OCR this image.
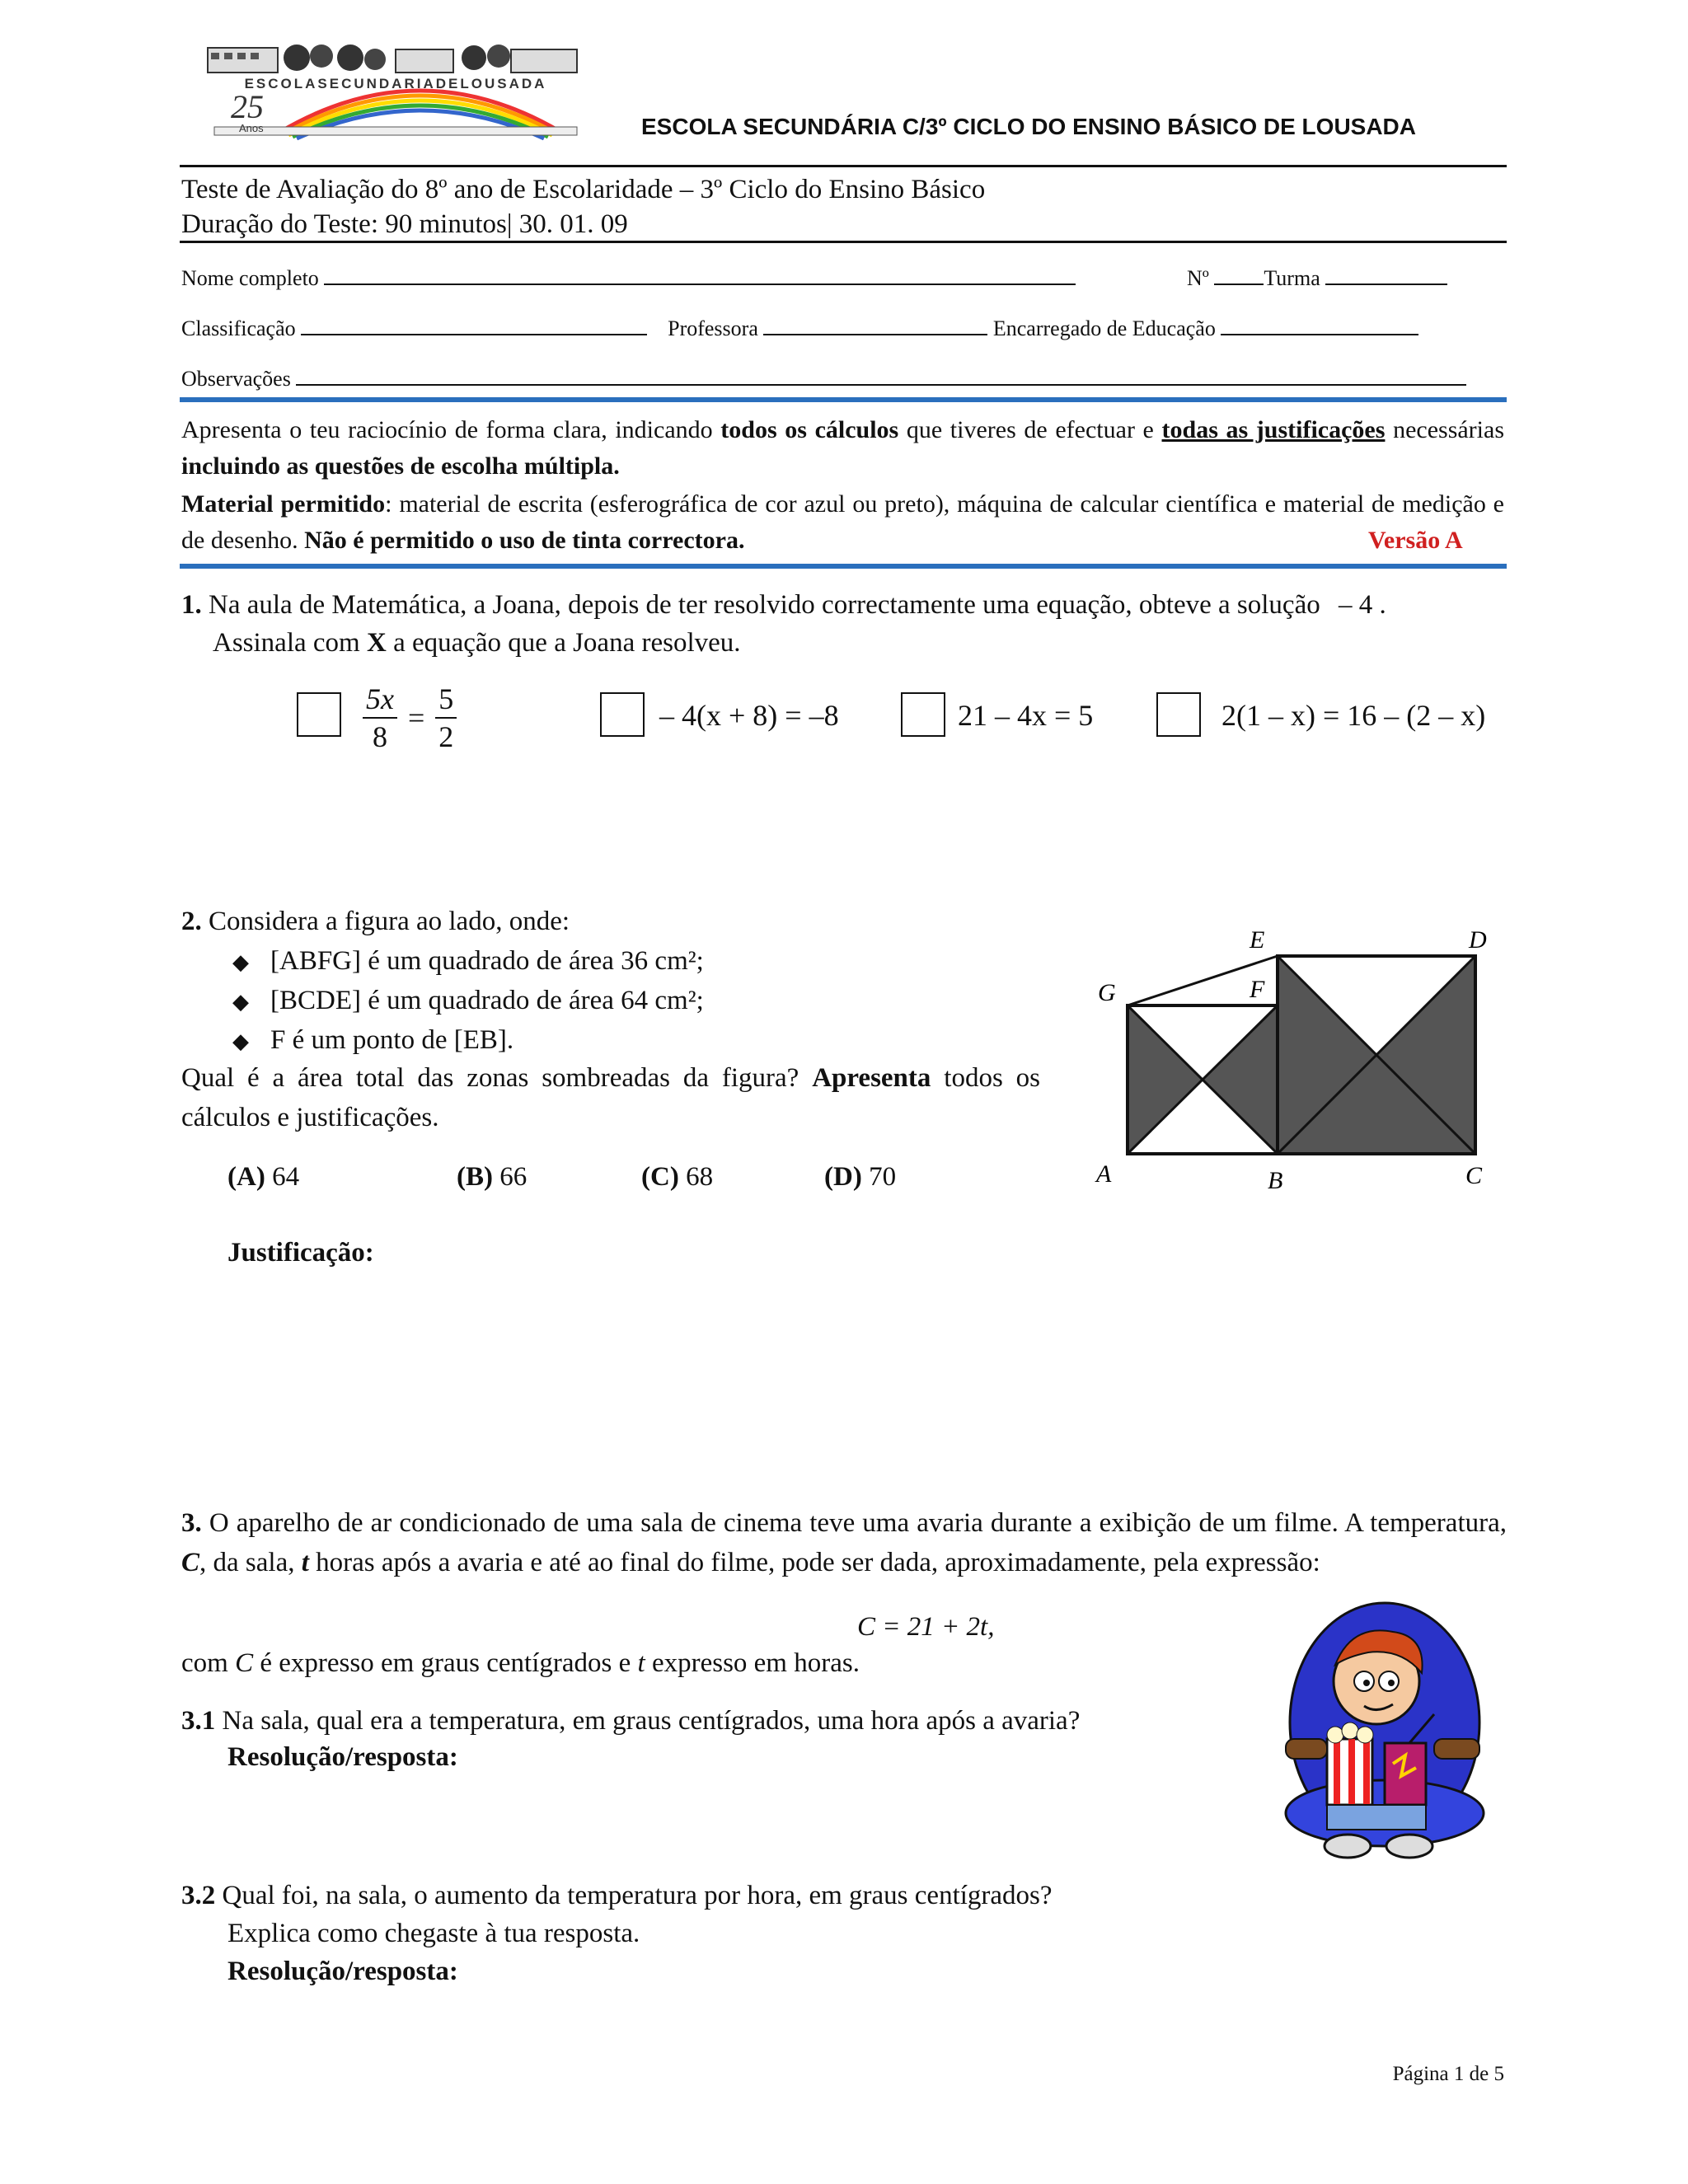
ESCOLASECUNDARIADELOUSADA
25
Anos	ESCOLA SECUNDÁRIA C/3º CICLO DO ENSINO BÁSICO DE LOUSADA
Teste de Avaliação do 8º ano de Escolaridade – 3º Ciclo do Ensino Básico
Duração do Teste: 90 minutos| 30. 01. 09
Nome completo	Nº	Turma
Classificação	Professora	Encarregado de Educação
Observações
Apresenta o teu raciocínio de forma clara, indicando todos os cálculos que tiveres de efectuar e todas as justificações necessárias incluindo as questões de escolha múltipla.
Material permitido: material de escrita (esferográfica de cor azul ou preto), máquina de calcular científica e material de medição e de desenho. Não é permitido o uso de tinta correctora.	Versão A
1. Na aula de Matemática, a Joana, depois de ter resolvido correctamente uma equação, obteve a solução – 4 .
Assinala com X a equação que a Joana resolveu.
$\frac{5x}{8} = \frac{5}{2}$	– 4(x + 8) = –8	21 – 4x = 5	2(1 – x) = 16 – (2 – x)
2. Considera a figura ao lado, onde:
◆ [ABFG] é um quadrado de área 36 cm²;
◆ [BCDE] é um quadrado de área 64 cm²;
◆ F é um ponto de [EB].
Qual é a área total das zonas sombreadas da figura? Apresenta todos os cálculos e justificações.
(A) 64	(B) 66	(C) 68	(D) 70
Justificação:
A	B	C
D
E
F
G
3. O aparelho de ar condicionado de uma sala de cinema teve uma avaria durante a exibição de um filme. A temperatura, C, da sala, t horas após a avaria e até ao final do filme, pode ser dada, aproximadamente, pela expressão:
C = 21 + 2t,
com C é expresso em graus centígrados e t expresso em horas.
3.1 Na sala, qual era a temperatura, em graus centígrados, uma hora após a avaria?
Resolução/resposta:
3.2 Qual foi, na sala, o aumento da temperatura por hora, em graus centígrados?
Explica como chegaste à tua resposta.
Resolução/resposta:
Página 1 de 5
